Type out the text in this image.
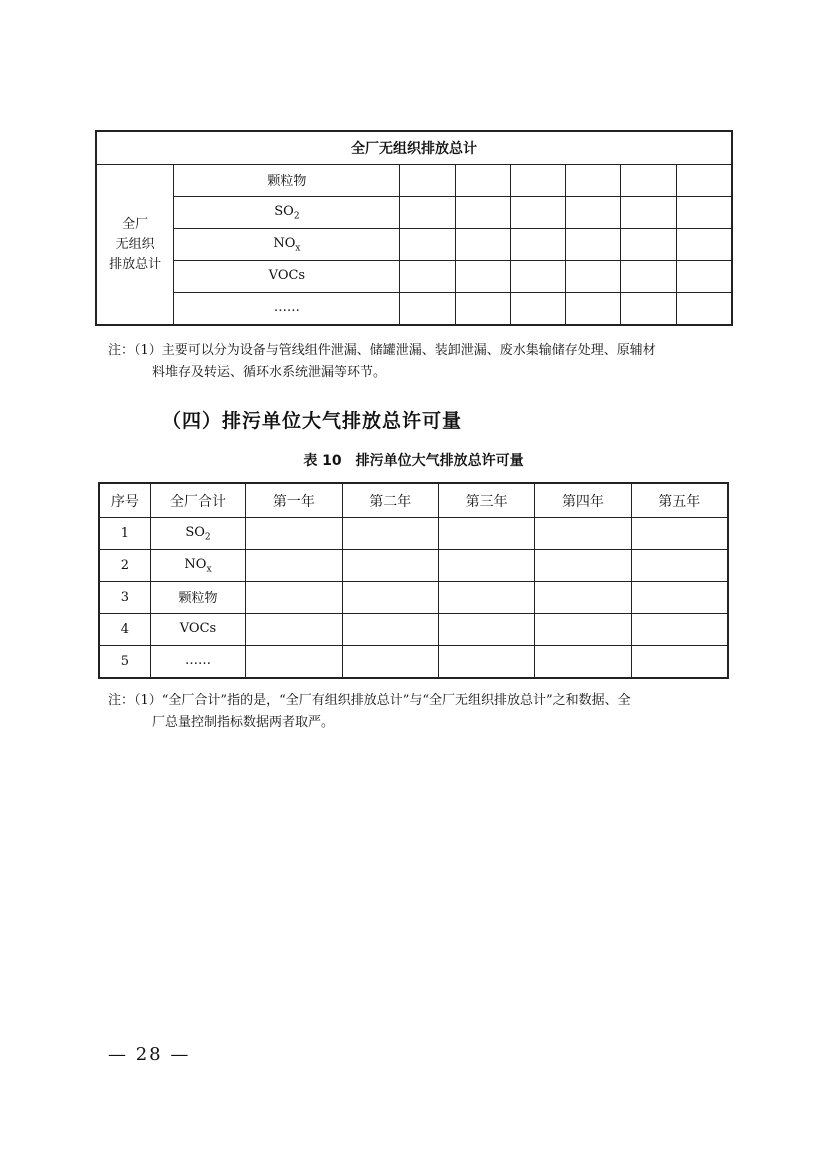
全厂无组织排放总计							

全厂
无组织
排放总计	颗粒物						
	$SO_2$						
	$NO_x$						
	VOCs						
	……						
注：（1）主要可以分为设备与管线组件泄漏、储罐泄漏、装卸泄漏、废水集输储存处理、原辅材
料堆存及转运、循环水系统泄漏等环节。
（四）排污单位大气排放总许可量
表 10　排污单位大气排放总许可量
序号	全厂合计	第一年	第二年	第三年	第四年	第五年
1	$SO_2$					
2	$NO_x$					
3	颗粒物					
4	VOCs					
5	……					
注：（1）“全厂合计”指的是，“全厂有组织排放总计”与“全厂无组织排放总计”之和数据、全
厂总量控制指标数据两者取严。
— 28 —
